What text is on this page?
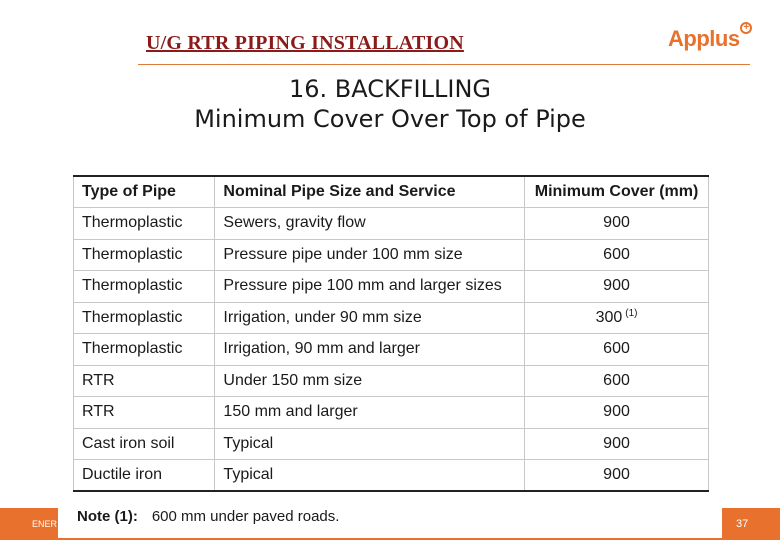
U/G RTR PIPING INSTALLATION	Applus +
16. BACKFILLING
Minimum Cover Over Top of Pipe
ENER	37
Type of Pipe	Nominal Pipe Size and Service	Minimum Cover (mm)
Thermoplastic	Sewers, gravity flow	900
Thermoplastic	Pressure pipe under 100 mm size	600
Thermoplastic	Pressure pipe 100 mm and larger sizes	900
Thermoplastic	Irrigation, under 90 mm size	300 $^{(1)}$
Thermoplastic	Irrigation, 90 mm and larger	600
RTR	Under 150 mm size	600
RTR	150 mm and larger	900
Cast iron soil	Typical	900
Ductile iron	Typical	900
Note (1): 600 mm under paved roads.
